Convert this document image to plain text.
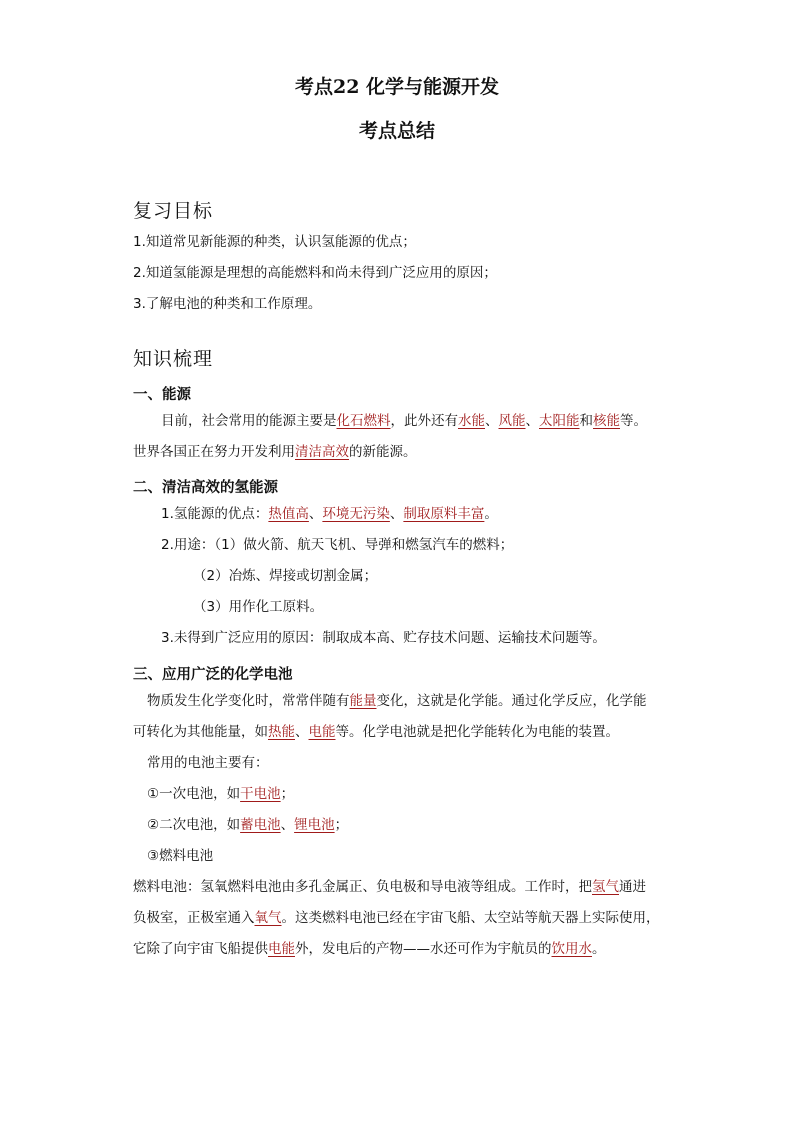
考点22 化学与能源开发
考点总结
复习目标
1.知道常见新能源的种类，认识氢能源的优点；
2.知道氢能源是理想的高能燃料和尚未得到广泛应用的原因；
3.了解电池的种类和工作原理。
知识梳理
一、能源
目前，社会常用的能源主要是化石燃料，此外还有水能、风能、太阳能和核能等。
世界各国正在努力开发利用清洁高效的新能源。
二、清洁高效的氢能源
1.氢能源的优点：热值高、环境无污染、制取原料丰富。
2.用途：（1）做火箭、航天飞机、导弹和燃氢汽车的燃料；
（2）冶炼、焊接或切割金属；
（3）用作化工原料。
3.未得到广泛应用的原因：制取成本高、贮存技术问题、运输技术问题等。
三、应用广泛的化学电池
物质发生化学变化时，常常伴随有能量变化，这就是化学能。通过化学反应，化学能
可转化为其他能量，如热能、电能等。化学电池就是把化学能转化为电能的装置。
常用的电池主要有：
①一次电池，如干电池；
②二次电池，如蓄电池、锂电池；
③燃料电池
燃料电池：氢氧燃料电池由多孔金属正、负电极和导电液等组成。工作时，把氢气通进
负极室，正极室通入氧气。这类燃料电池已经在宇宙飞船、太空站等航天器上实际使用，
它除了向宇宙飞船提供电能外，发电后的产物——水还可作为宇航员的饮用水。
